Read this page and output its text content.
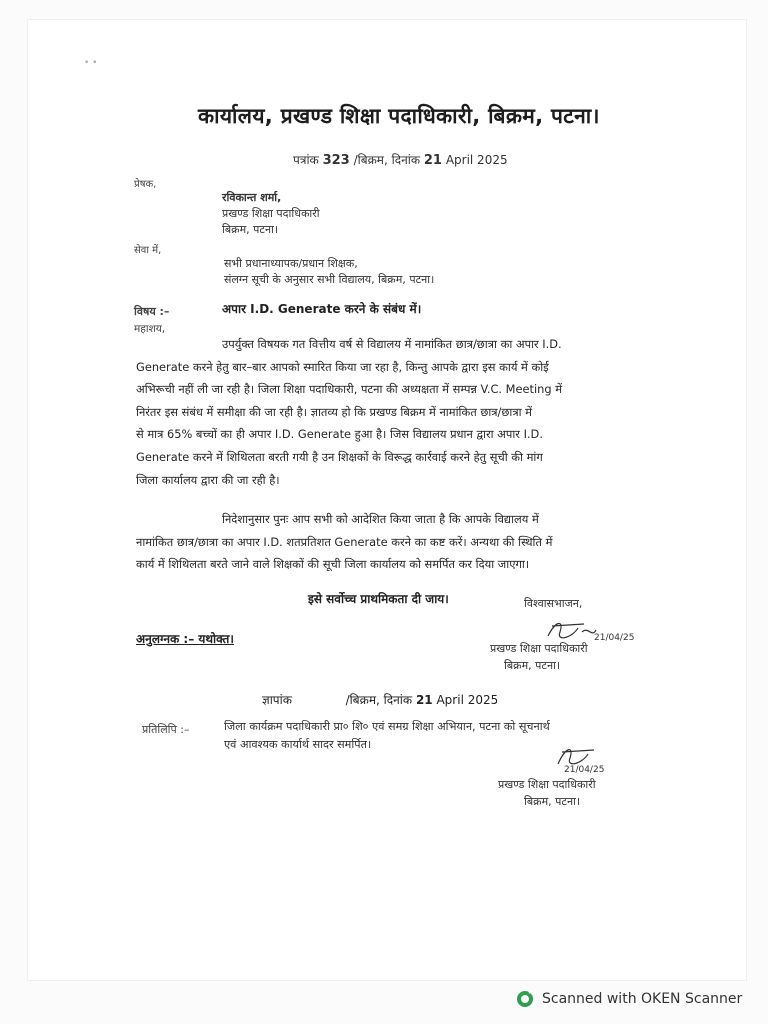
• •
कार्यालय, प्रखण्ड शिक्षा पदाधिकारी, बिक्रम, पटना।
पत्रांक 323 /बिक्रम, दिनांक 21 April 2025
प्रेषक,
रविकान्त शर्मा,
प्रखण्ड शिक्षा पदाधिकारी
बिक्रम, पटना।
सेवा में,
सभी प्रधानाध्यापक/प्रधान शिक्षक,
संलग्न सूची के अनुसार सभी विद्यालय, बिक्रम, पटना।
विषय :–	अपार I.D. Generate करने के संबंध में।
महाशय,
उपर्युक्त विषयक गत वित्तीय वर्ष से विद्यालय में नामांकित छात्र/छात्रा का अपार I.D.
Generate करने हेतु बार–बार आपको स्मारित किया जा रहा है, किन्तु आपके द्वारा इस कार्य में कोई
अभिरूची नहीं ली जा रही है। जिला शिक्षा पदाधिकारी, पटना की अध्यक्षता में सम्पन्न V.C. Meeting में
निरंतर इस संबंध में समीक्षा की जा रही है। ज्ञातव्य हो कि प्रखण्ड बिक्रम में नामांकित छात्र/छात्रा में
से मात्र 65% बच्चों का ही अपार I.D. Generate हुआ है। जिस विद्यालय प्रधान द्वारा अपार I.D.
Generate करने में शिथिलता बरती गयी है उन शिक्षकों के विरूद्ध कार्रवाई करने हेतु सूची की मांग
जिला कार्यालय द्वारा की जा रही है।
निदेशानुसार पुनः आप सभी को आदेशित किया जाता है कि आपके विद्यालय में
नामांकित छात्र/छात्रा का अपार I.D. शतप्रतिशत Generate करने का कष्ट करें। अन्यथा की स्थिति में
कार्य में शिथिलता बरते जाने वाले शिक्षकों की सूची जिला कार्यालय को समर्पित कर दिया जाएगा।
इसे सर्वोच्च प्राथमिकता दी जाय।	विश्वासभाजन,
21/04/25
प्रखण्ड शिक्षा पदाधिकारी
बिक्रम, पटना।
अनुलग्नक :– यथोक्त।
ज्ञापांक	/बिक्रम, दिनांक 21 April 2025
प्रतिलिपि :–	जिला कार्यक्रम पदाधिकारी प्रा० शि० एवं समग्र शिक्षा अभियान, पटना को सूचनार्थ
एवं आवश्यक कार्यार्थ सादर समर्पित।
21/04/25
प्रखण्ड शिक्षा पदाधिकारी
बिक्रम, पटना।
Scanned with OKEN Scanner
